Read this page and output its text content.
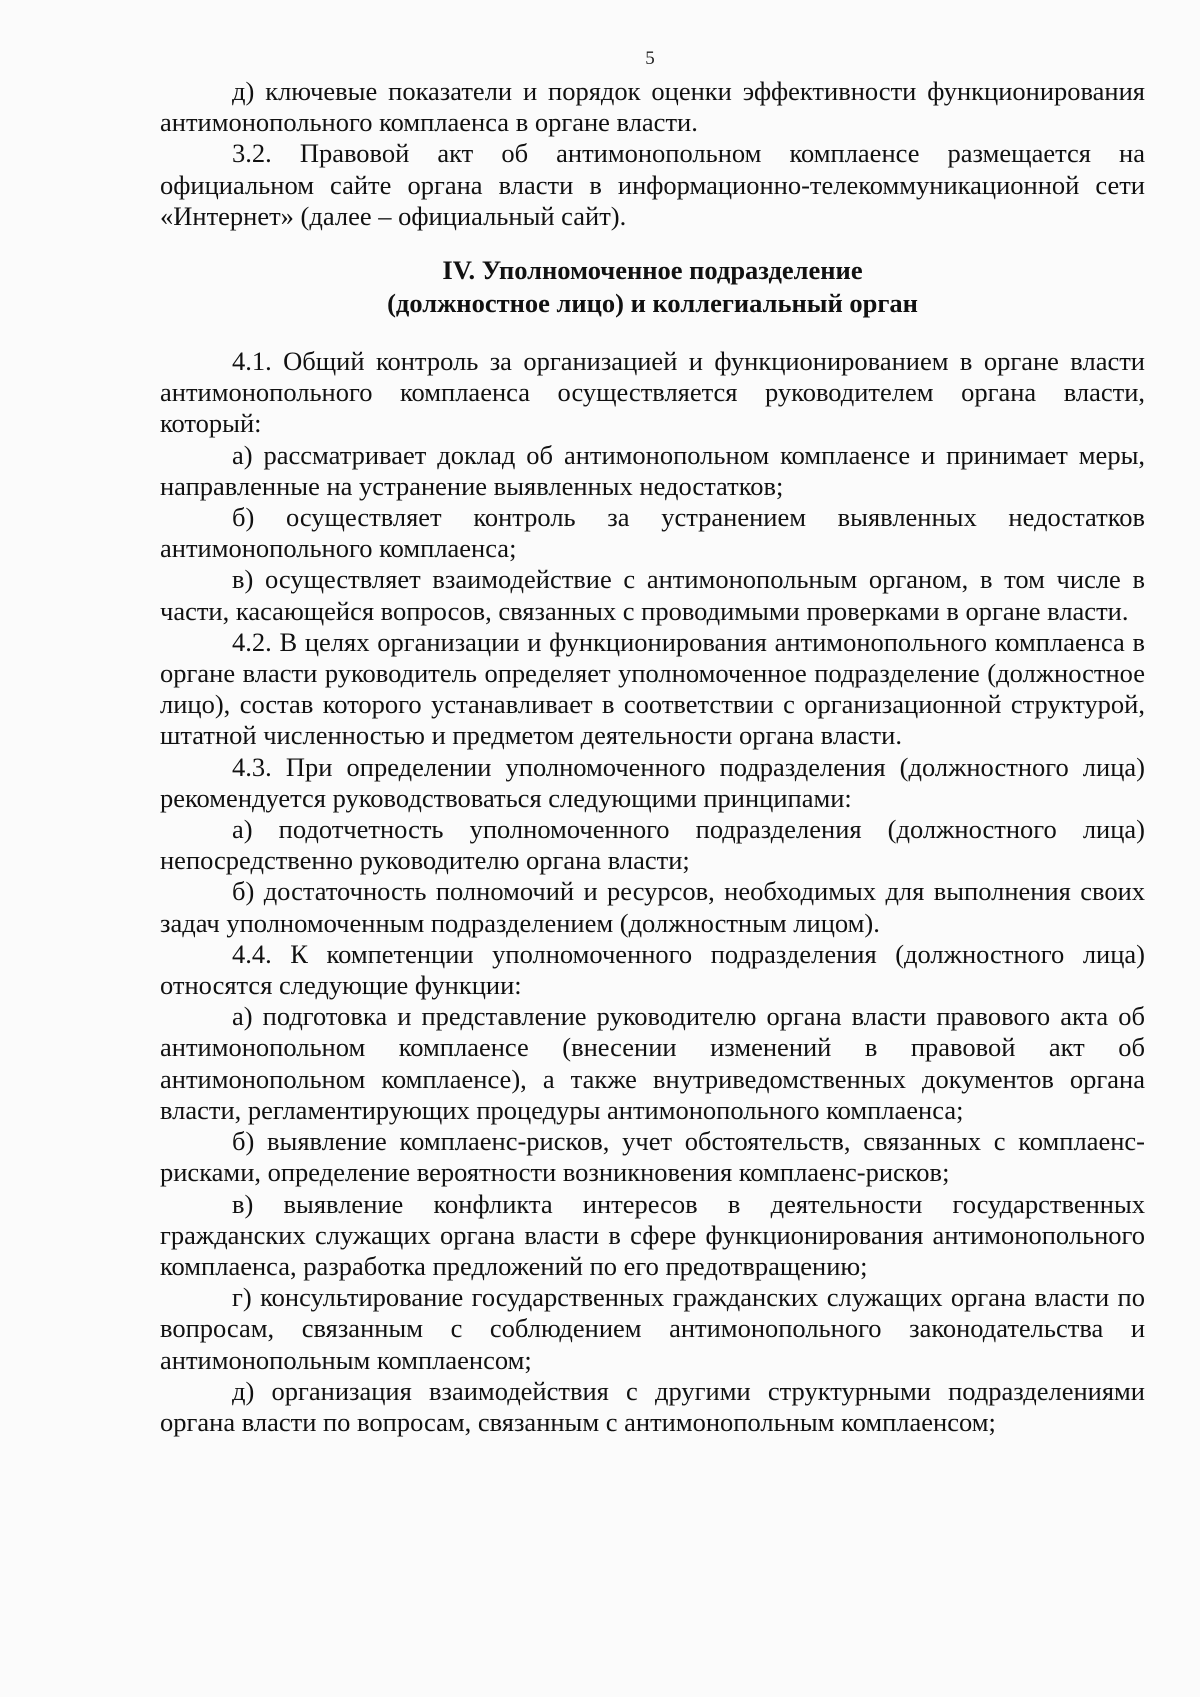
5

д) ключевые показатели и порядок оценки эффективности функционирования антимонопольного комплаенса в органе власти.

3.2. Правовой акт об антимонопольном комплаенсе размещается на официальном сайте органа власти в информационно-телекоммуникационной сети «Интернет» (далее – официальный сайт).

IV. Уполномоченное подразделение
(должностное лицо) и коллегиальный орган

4.1. Общий контроль за организацией и функционированием в органе власти антимонопольного комплаенса осуществляется руководителем органа власти, который:

а) рассматривает доклад об антимонопольном комплаенсе и принимает меры, направленные на устранение выявленных недостатков;

б) осуществляет контроль за устранением выявленных недостатков антимонопольного комплаенса;

в) осуществляет взаимодействие с антимонопольным органом, в том числе в части, касающейся вопросов, связанных с проводимыми проверками в органе власти.

4.2. В целях организации и функционирования антимонопольного комплаенса в органе власти руководитель определяет уполномоченное подразделение (должностное лицо), состав которого устанавливает в соответствии с организационной структурой, штатной численностью и предметом деятельности органа власти.

4.3. При определении уполномоченного подразделения (должностного лица) рекомендуется руководствоваться следующими принципами:

а) подотчетность уполномоченного подразделения (должностного лица) непосредственно руководителю органа власти;

б) достаточность полномочий и ресурсов, необходимых для выполнения своих задач уполномоченным подразделением (должностным лицом).

4.4. К компетенции уполномоченного подразделения (должностного лица) относятся следующие функции:

а) подготовка и представление руководителю органа власти правового акта об антимонопольном комплаенсе (внесении изменений в правовой акт об антимонопольном комплаенсе), а также внутриведомственных документов органа власти, регламентирующих процедуры антимонопольного комплаенса;

б) выявление комплаенс-рисков, учет обстоятельств, связанных с комплаенс-рисками, определение вероятности возникновения комплаенс-рисков;

в) выявление конфликта интересов в деятельности государственных гражданских служащих органа власти в сфере функционирования антимонопольного комплаенса, разработка предложений по его предотвращению;

г) консультирование государственных гражданских служащих органа власти по вопросам, связанным с соблюдением антимонопольного законодательства и антимонопольным комплаенсом;

д) организация взаимодействия с другими структурными подразделениями органа власти по вопросам, связанным с антимонопольным комплаенсом;
